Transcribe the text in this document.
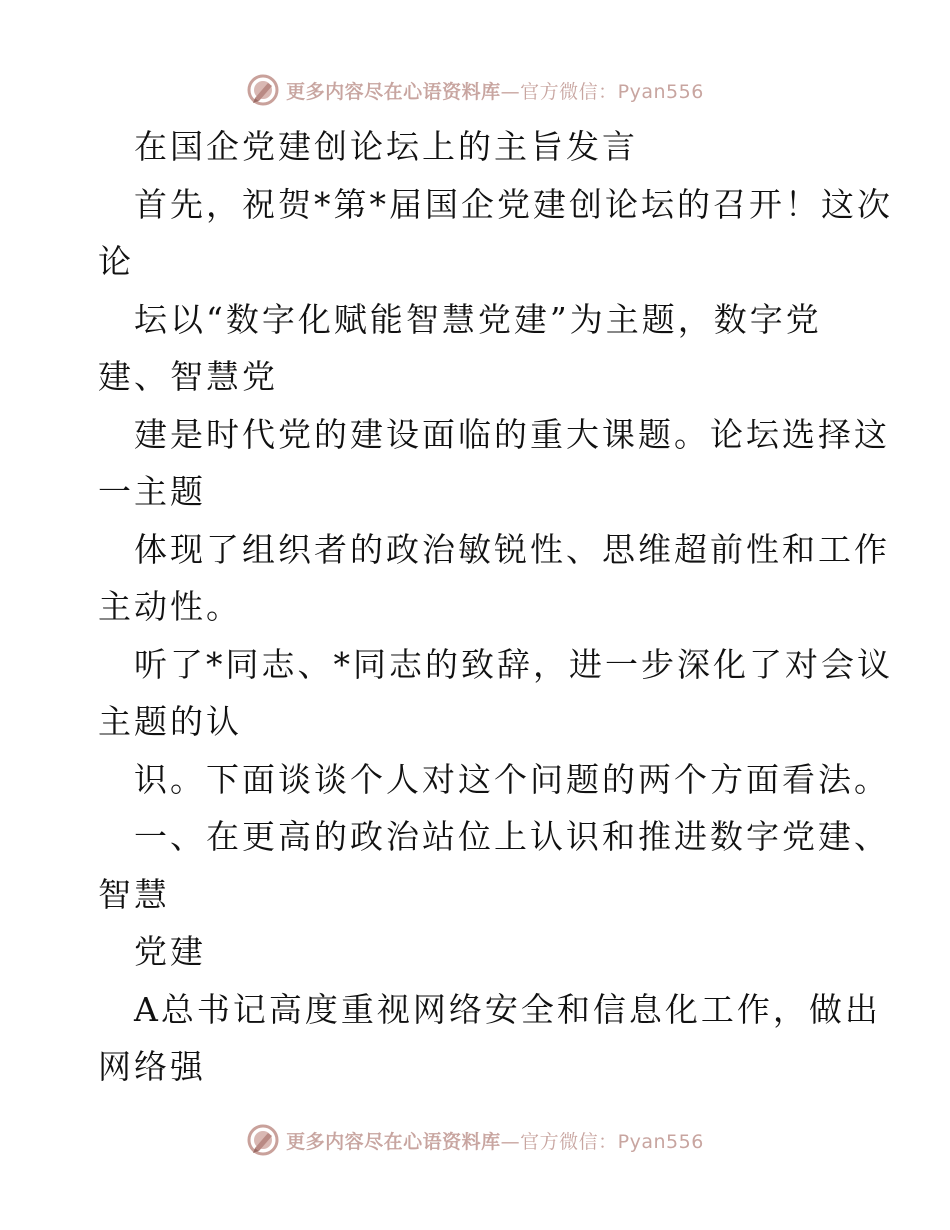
更多内容尽在心语资料库—官方微信：Pyan556
在国企党建创论坛上的主旨发言
首先，祝贺*第*届国企党建创论坛的召开！这次
论
坛以“数字化赋能智慧党建”为主题，数字党
建、智慧党
建是时代党的建设面临的重大课题。论坛选择这
一主题
体现了组织者的政治敏锐性、思维超前性和工作
主动性。
听了*同志、*同志的致辞，进一步深化了对会议
主题的认
识。下面谈谈个人对这个问题的两个方面看法。
一、在更高的政治站位上认识和推进数字党建、
智慧
党建
A总书记高度重视网络安全和信息化工作，做出
网络强
更多内容尽在心语资料库—官方微信：Pyan556
